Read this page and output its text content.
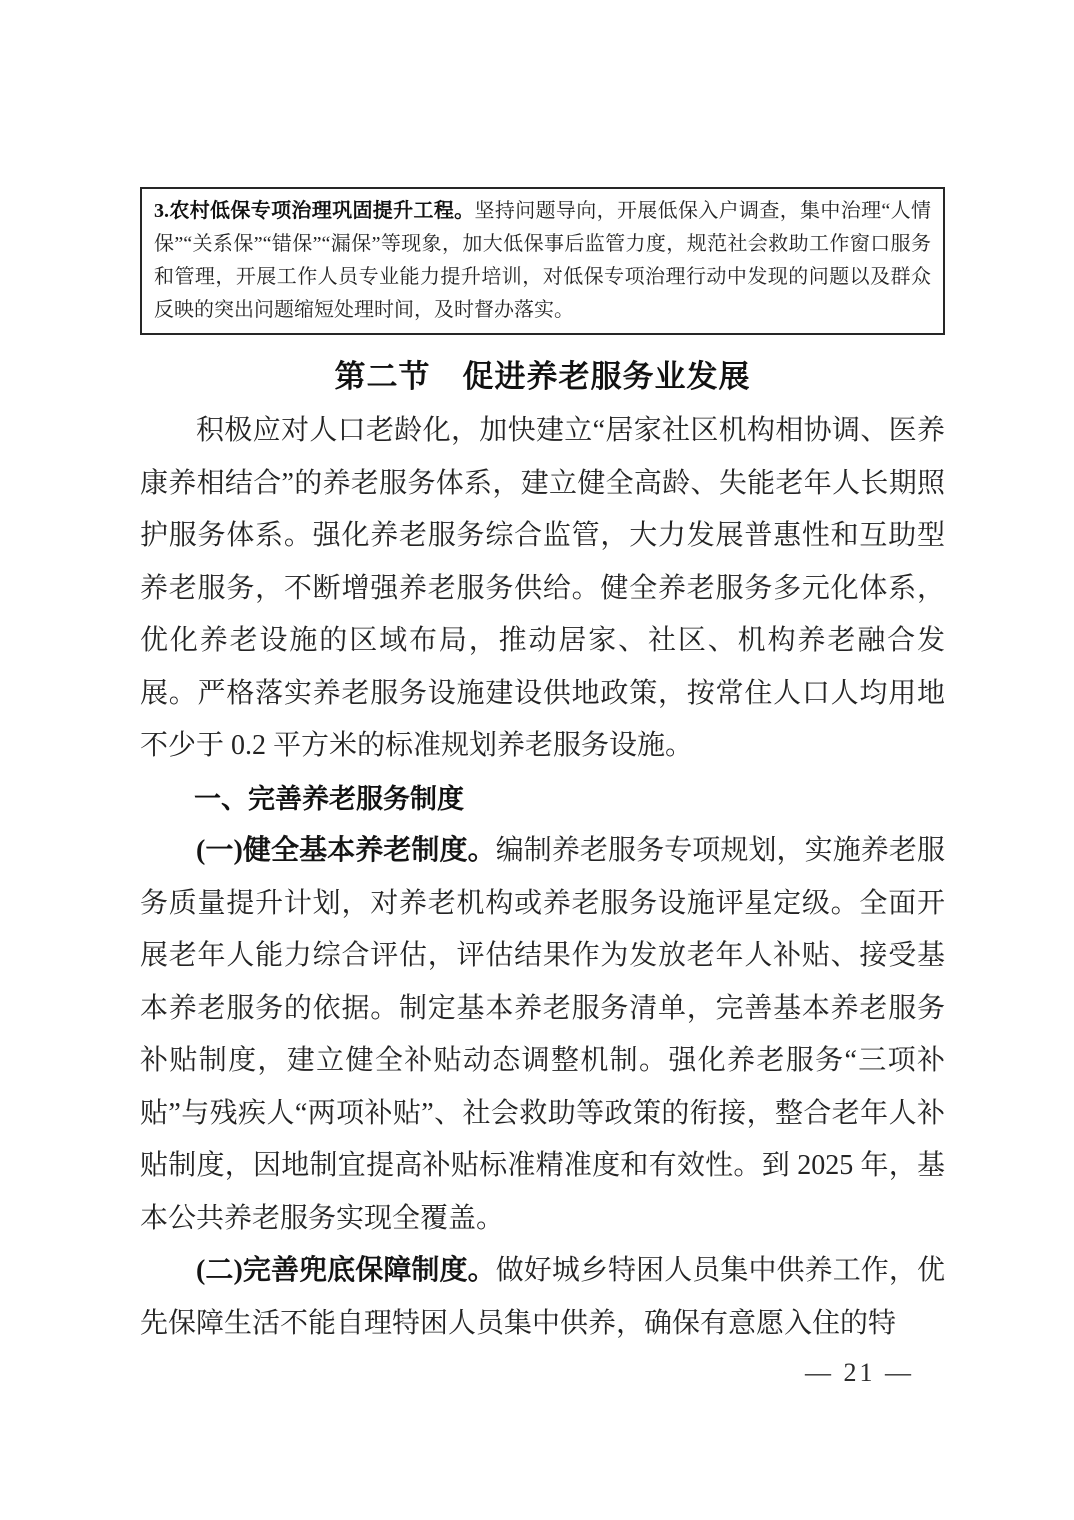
3.农村低保专项治理巩固提升工程。坚持问题导向，开展低保入户调查，集中治理“人情保”“关系保”“错保”“漏保”等现象，加大低保事后监管力度，规范社会救助工作窗口服务和管理，开展工作人员专业能力提升培训，对低保专项治理行动中发现的问题以及群众反映的突出问题缩短处理时间，及时督办落实。
第二节　促进养老服务业发展

积极应对人口老龄化，加快建立“居家社区机构相协调、医养康养相结合”的养老服务体系，建立健全高龄、失能老年人长期照护服务体系。强化养老服务综合监管，大力发展普惠性和互助型养老服务，不断增强养老服务供给。健全养老服务多元化体系，优化养老设施的区域布局，推动居家、社区、机构养老融合发展。严格落实养老服务设施建设供地政策，按常住人口人均用地不少于 0.2 平方米的标准规划养老服务设施。

一、完善养老服务制度

(一)健全基本养老制度。编制养老服务专项规划，实施养老服务质量提升计划，对养老机构或养老服务设施评星定级。全面开展老年人能力综合评估，评估结果作为发放老年人补贴、接受基本养老服务的依据。制定基本养老服务清单，完善基本养老服务补贴制度，建立健全补贴动态调整机制。强化养老服务“三项补贴”与残疾人“两项补贴”、社会救助等政策的衔接，整合老年人补贴制度，因地制宜提高补贴标准精准度和有效性。到 2025 年，基本公共养老服务实现全覆盖。

(二)完善兜底保障制度。做好城乡特困人员集中供养工作，优先保障生活不能自理特困人员集中供养，确保有意愿入住的特

— 21 —
